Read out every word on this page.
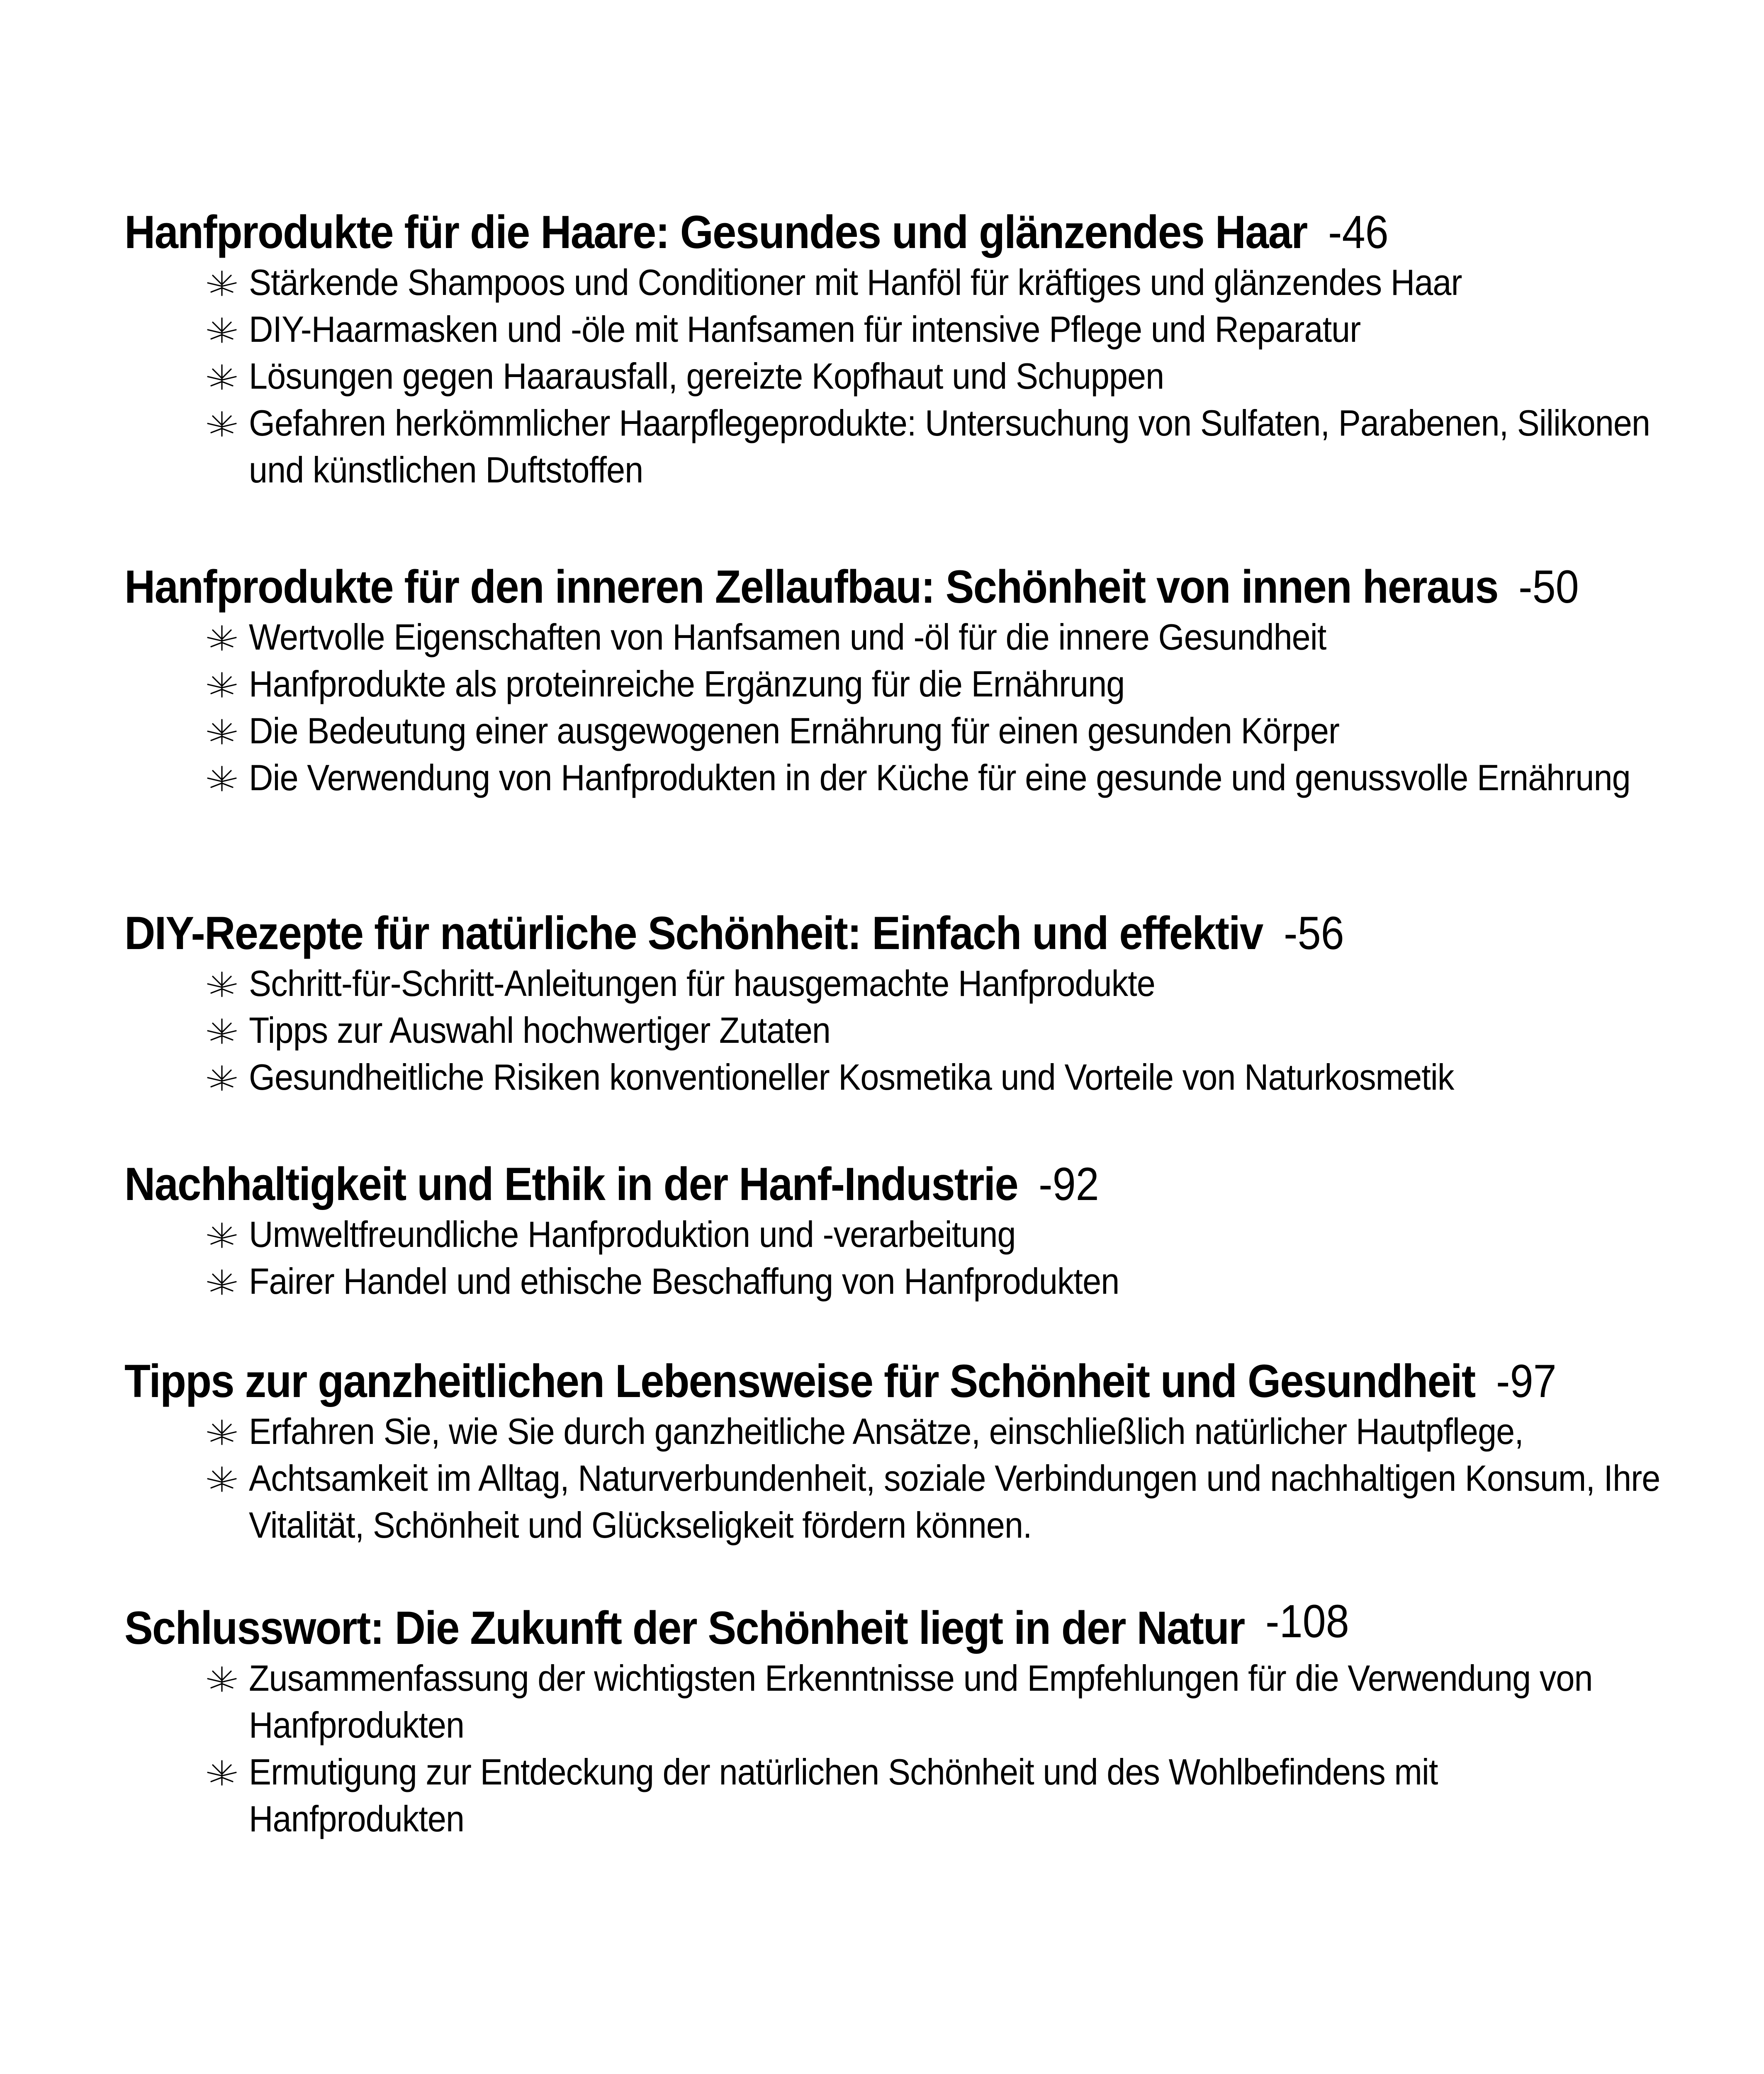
Hanfprodukte für die Haare: Gesundes und glänzendes Haar -46
Stärkende Shampoos und Conditioner mit Hanföl für kräftiges und glänzendes Haar
DIY-Haarmasken und -öle mit Hanfsamen für intensive Pflege und Reparatur
Lösungen gegen Haarausfall, gereizte Kopfhaut und Schuppen
Gefahren herkömmlicher Haarpflegeprodukte: Untersuchung von Sulfaten, Parabenen, Silikonen und künstlichen Duftstoffen
Hanfprodukte für den inneren Zellaufbau: Schönheit von innen heraus -50
Wertvolle Eigenschaften von Hanfsamen und -öl für die innere Gesundheit
Hanfprodukte als proteinreiche Ergänzung für die Ernährung
Die Bedeutung einer ausgewogenen Ernährung für einen gesunden Körper
Die Verwendung von Hanfprodukten in der Küche für eine gesunde und genussvolle Ernährung
DIY-Rezepte für natürliche Schönheit: Einfach und effektiv -56
Schritt-für-Schritt-Anleitungen für hausgemachte Hanfprodukte
Tipps zur Auswahl hochwertiger Zutaten
Gesundheitliche Risiken konventioneller Kosmetika und Vorteile von Naturkosmetik
Nachhaltigkeit und Ethik in der Hanf-Industrie -92
Umweltfreundliche Hanfproduktion und -verarbeitung
Fairer Handel und ethische Beschaffung von Hanfprodukten
Tipps zur ganzheitlichen Lebensweise für Schönheit und Gesundheit -97
Erfahren Sie, wie Sie durch ganzheitliche Ansätze, einschließlich natürlicher Hautpflege,
Achtsamkeit im Alltag, Naturverbundenheit, soziale Verbindungen und nachhaltigen Konsum, Ihre Vitalität, Schönheit und Glückseligkeit fördern können.
Schlusswort: Die Zukunft der Schönheit liegt in der Natur -108
Zusammenfassung der wichtigsten Erkenntnisse und Empfehlungen für die Verwendung von Hanfprodukten
Ermutigung zur Entdeckung der natürlichen Schönheit und des Wohlbefindens mit Hanfprodukten
